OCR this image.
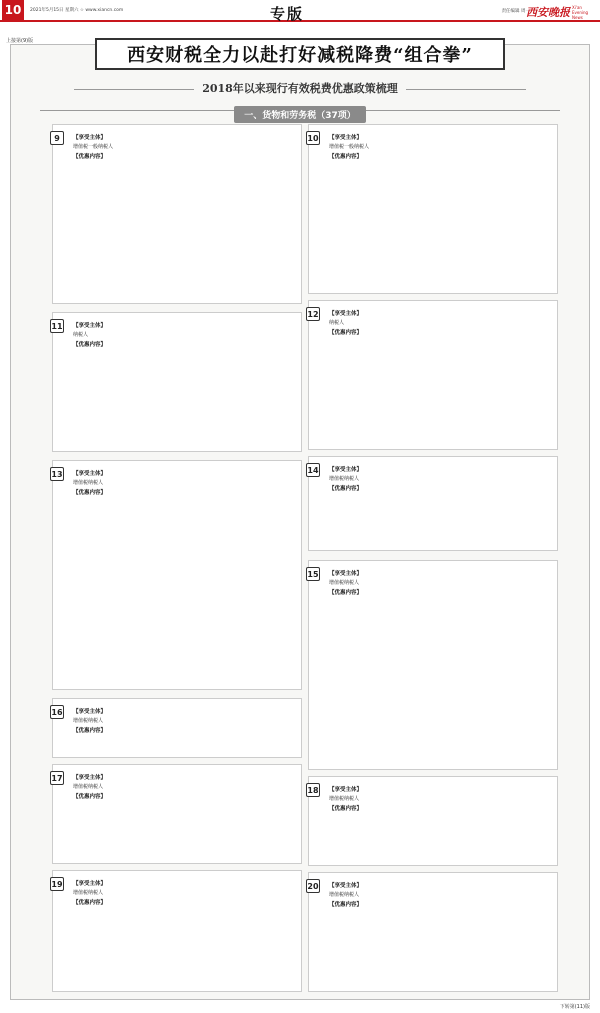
10	2021年5月15日 星期六 ☆ www.xiancn.com	专版	责任编辑 周一
西安晚报 Xi'an Evening News
上接第(9)版
西安财税全力以赴打好减税降费“组合拳”
2018年以来现行有效税费优惠政策梳理
一、货物和劳务税（37项）
9	【享受主体】
增值税一般纳税人
【优惠内容】
11 【享受主体】
纳税人
【优惠内容】
13 【享受主体】
增值税纳税人
【优惠内容】
16 【享受主体】
增值税纳税人
【优惠内容】
17 【享受主体】
增值税纳税人
【优惠内容】
19 【享受主体】
增值税纳税人
【优惠内容】
10 【享受主体】
增值税一般纳税人
【优惠内容】
12 【享受主体】
纳税人
【优惠内容】
14 【享受主体】
增值税纳税人
【优惠内容】
15 【享受主体】
增值税纳税人
【优惠内容】
18 【享受主体】
增值税纳税人
【优惠内容】
20 【享受主体】
增值税纳税人
【优惠内容】
下转第(11)版
